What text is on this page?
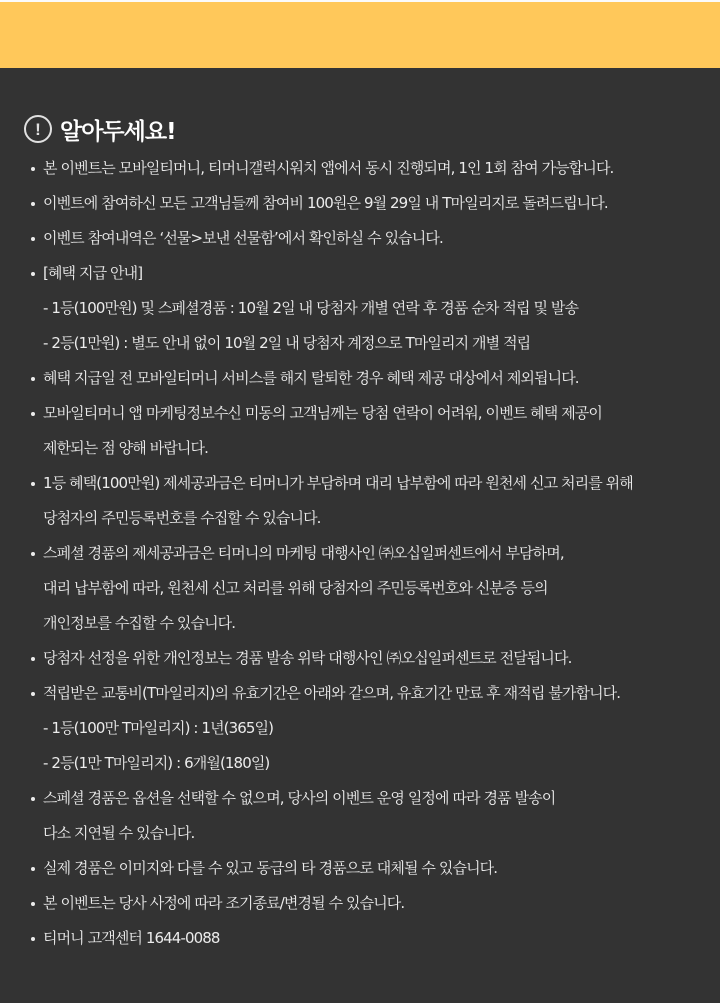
! 알아두세요!
본 이벤트는 모바일티머니, 티머니갤럭시워치 앱에서 동시 진행되며, 1인 1회 참여 가능합니다.
이벤트에 참여하신 모든 고객님들께 참여비 100원은 9월 29일 내 T마일리지로 돌려드립니다.
이벤트 참여내역은 ‘선물>보낸 선물함’에서 확인하실 수 있습니다.
[혜택 지급 안내]
- 1등(100만원) 및 스페셜경품 : 10월 2일 내 당첨자 개별 연락 후 경품 순차 적립 및 발송
- 2등(1만원) : 별도 안내 없이 10월 2일 내 당첨자 계정으로 T마일리지 개별 적립
혜택 지급일 전 모바일티머니 서비스를 해지 탈퇴한 경우 혜택 제공 대상에서 제외됩니다.
모바일티머니 앱 마케팅정보수신 미동의 고객님께는 당첨 연락이 어려워, 이벤트 혜택 제공이
제한되는 점 양해 바랍니다.
1등 혜택(100만원) 제세공과금은 티머니가 부담하며 대리 납부함에 따라 원천세 신고 처리를 위해
당첨자의 주민등록번호를 수집할 수 있습니다.
스페셜 경품의 제세공과금은 티머니의 마케팅 대행사인 ㈜오십일퍼센트에서 부담하며,
대리 납부함에 따라, 원천세 신고 처리를 위해 당첨자의 주민등록번호와 신분증 등의
개인정보를 수집할 수 있습니다.
당첨자 선정을 위한 개인정보는 경품 발송 위탁 대행사인 ㈜오십일퍼센트로 전달됩니다.
적립받은 교통비(T마일리지)의 유효기간은 아래와 같으며, 유효기간 만료 후 재적립 불가합니다.
- 1등(100만 T마일리지) : 1년(365일)
- 2등(1만 T마일리지) : 6개월(180일)
스페셜 경품은 옵션을 선택할 수 없으며, 당사의 이벤트 운영 일정에 따라 경품 발송이
다소 지연될 수 있습니다.
실제 경품은 이미지와 다를 수 있고 동급의 타 경품으로 대체될 수 있습니다.
본 이벤트는 당사 사정에 따라 조기종료/변경될 수 있습니다.
티머니 고객센터 1644-0088
